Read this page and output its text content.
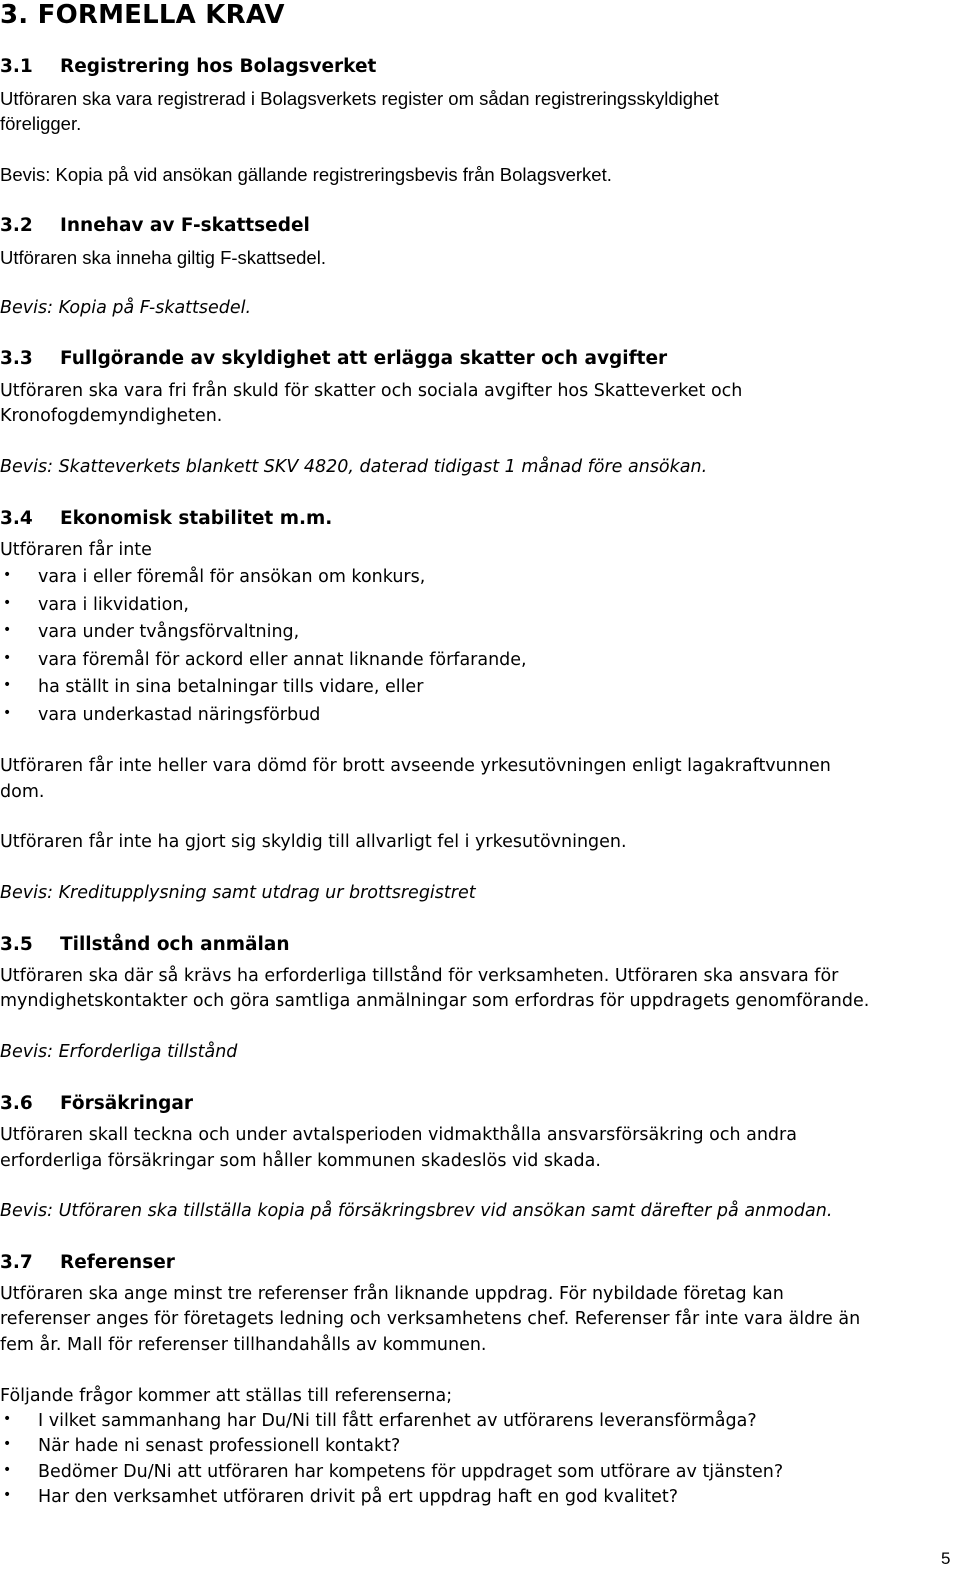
3. FORMELLA KRAV
3.1 Registrering hos Bolagsverket
Utföraren ska vara registrerad i Bolagsverkets register om sådan registreringsskyldighet
föreligger.
Bevis: Kopia på vid ansökan gällande registreringsbevis från Bolagsverket.
3.2 Innehav av F-skattsedel
Utföraren ska inneha giltig F-skattsedel.
Bevis: Kopia på F-skattsedel.
3.3 Fullgörande av skyldighet att erlägga skatter och avgifter
Utföraren ska vara fri från skuld för skatter och sociala avgifter hos Skatteverket och
Kronofogdemyndigheten.
Bevis: Skatteverkets blankett SKV 4820, daterad tidigast 1 månad före ansökan.
3.4 Ekonomisk stabilitet m.m.
Utföraren får inte
• vara i eller föremål för ansökan om konkurs,
• vara i likvidation,
• vara under tvångsförvaltning,
• vara föremål för ackord eller annat liknande förfarande,
• ha ställt in sina betalningar tills vidare, eller
• vara underkastad näringsförbud
Utföraren får inte heller vara dömd för brott avseende yrkesutövningen enligt lagakraftvunnen
dom.
Utföraren får inte ha gjort sig skyldig till allvarligt fel i yrkesutövningen.
Bevis: Kreditupplysning samt utdrag ur brottsregistret
3.5 Tillstånd och anmälan
Utföraren ska där så krävs ha erforderliga tillstånd för verksamheten. Utföraren ska ansvara för
myndighetskontakter och göra samtliga anmälningar som erfordras för uppdragets genomförande.
Bevis: Erforderliga tillstånd
3.6 Försäkringar
Utföraren skall teckna och under avtalsperioden vidmakthålla ansvarsförsäkring och andra
erforderliga försäkringar som håller kommunen skadeslös vid skada.
Bevis: Utföraren ska tillställa kopia på försäkringsbrev vid ansökan samt därefter på anmodan.
3.7 Referenser
Utföraren ska ange minst tre referenser från liknande uppdrag. För nybildade företag kan
referenser anges för företagets ledning och verksamhetens chef. Referenser får inte vara äldre än
fem år. Mall för referenser tillhandahålls av kommunen.
Följande frågor kommer att ställas till referenserna;
• I vilket sammanhang har Du/Ni till fått erfarenhet av utförarens leveransförmåga?
• När hade ni senast professionell kontakt?
• Bedömer Du/Ni att utföraren har kompetens för uppdraget som utförare av tjänsten?
• Har den verksamhet utföraren drivit på ert uppdrag haft en god kvalitet?
5
